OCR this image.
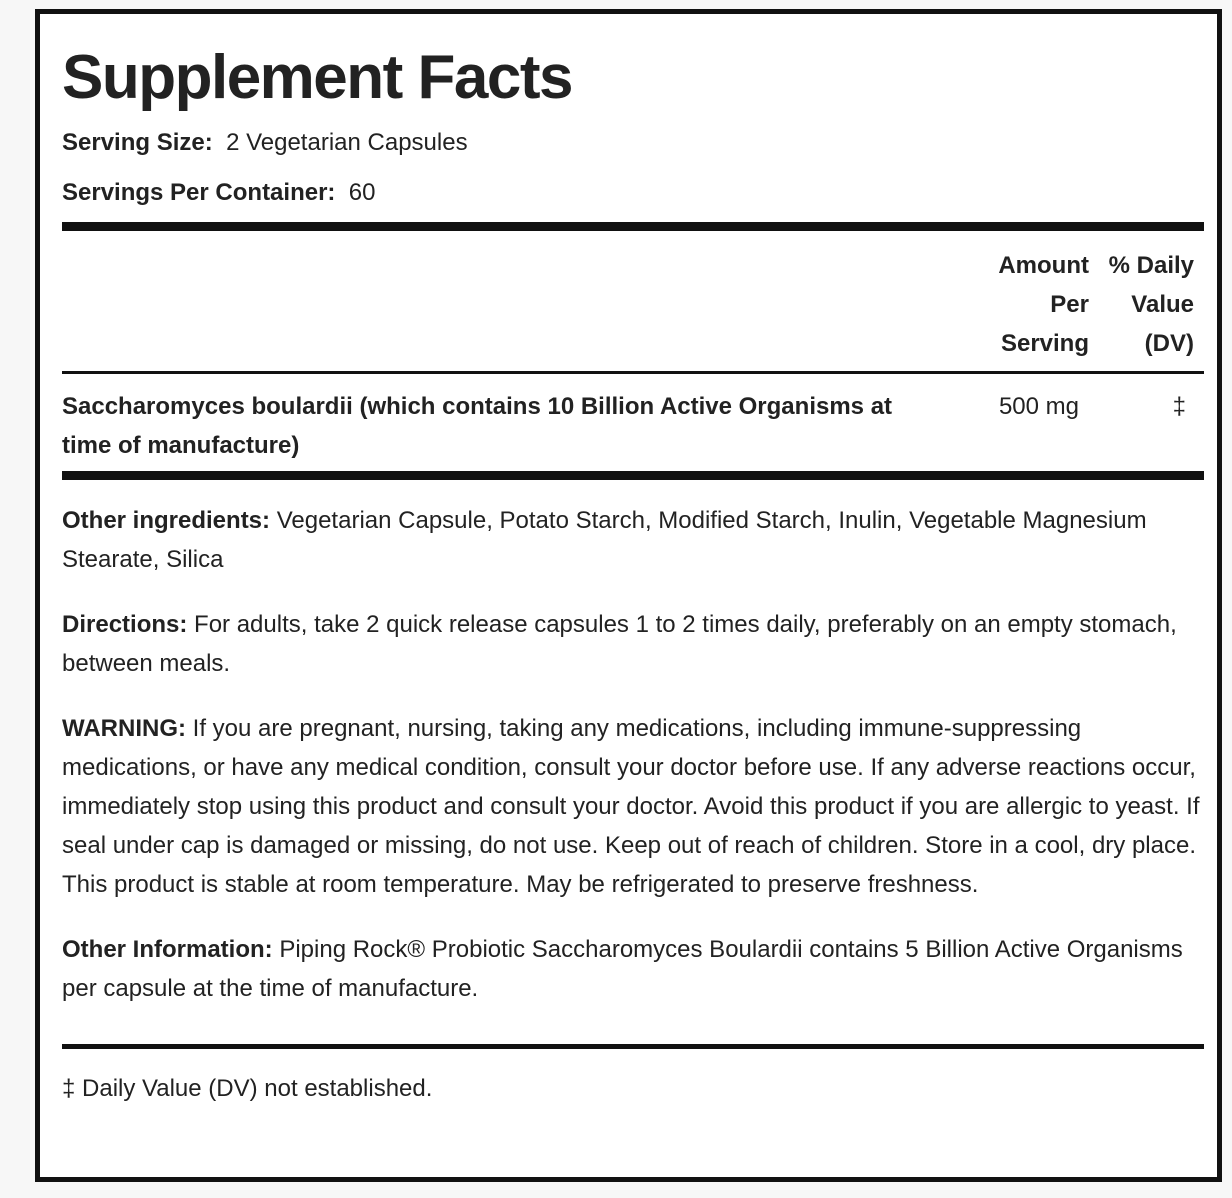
Supplement Facts
Serving Size: 2 Vegetarian Capsules
Servings Per Container: 60
Amount Per Serving
% Daily Value (DV)
Saccharomyces boulardii (which contains 10 Billion Active Organisms at time of manufacture)
500 mg	‡

Other ingredients: Vegetarian Capsule, Potato Starch, Modified Starch, Inulin, Vegetable Magnesium Stearate, Silica

Directions: For adults, take 2 quick release capsules 1 to 2 times daily, preferably on an empty stomach, between meals.

WARNING: If you are pregnant, nursing, taking any medications, including immune-suppressing medications, or have any medical condition, consult your doctor before use. If any adverse reactions occur, immediately stop using this product and consult your doctor. Avoid this product if you are allergic to yeast. If seal under cap is damaged or missing, do not use. Keep out of reach of children. Store in a cool, dry place. This product is stable at room temperature. May be refrigerated to preserve freshness.

Other Information: Piping Rock® Probiotic Saccharomyces Boulardii contains 5 Billion Active Organisms per capsule at the time of manufacture.

‡ Daily Value (DV) not established.
